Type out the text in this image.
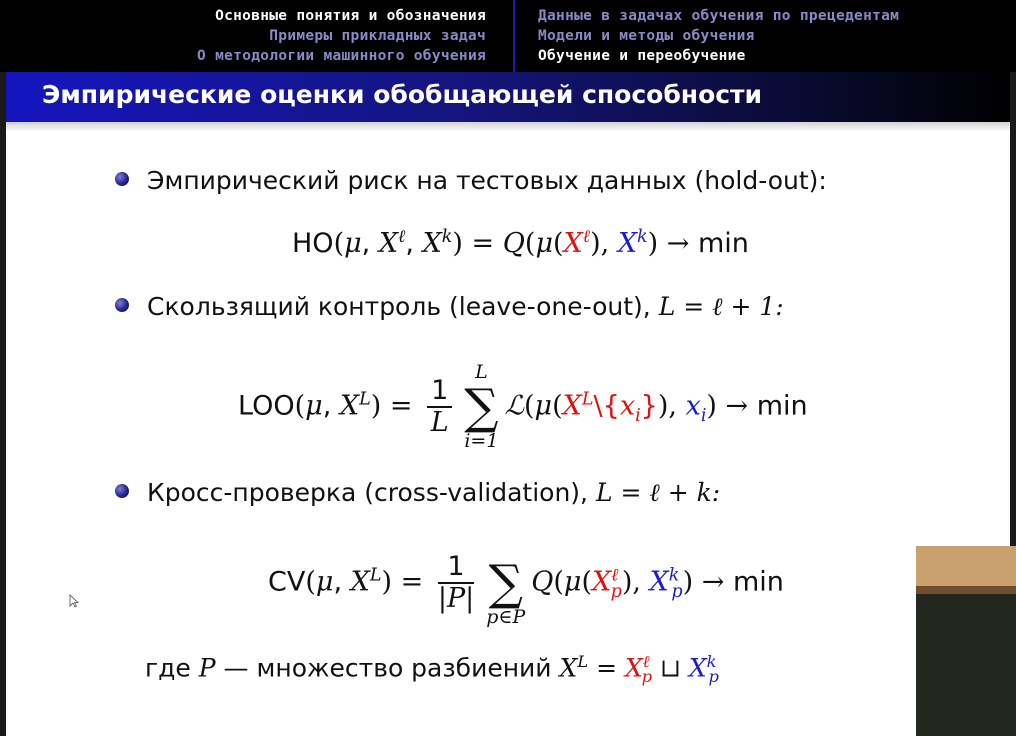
Основные понятия и обозначения
Примеры прикладных задач
О методологии машинного обучения
Данные в задачах обучения по прецедентам
Модели и методы обучения
Обучение и переобучение
Эмпирические оценки обобщающей способности
Эмпирический риск на тестовых данных (hold-out):
HO(μ, $X^\ell$, $X^k) = Q(\mu(X^\ell)$, $X^k) \to \min$
Скользящий контроль (leave-one-out), L = ℓ + 1:
LOO(μ, $X^L) = \frac{1}{L}$
L
∑
i=1
$ℒ(\mu(X^L\backslash\{x_i\})$, $x_i) \to \min$
Кросс-проверка (cross-validation), L = ℓ + k:
CV(μ, $X^L) = \frac{1}{|P|}$
∑
p∈P
$Q(\mu(X^\ell_p)$, $X^k_p) \to \min$
где P — множество разбиений $X^L = X^\ell_p$ ⊔ $X^k_p$
